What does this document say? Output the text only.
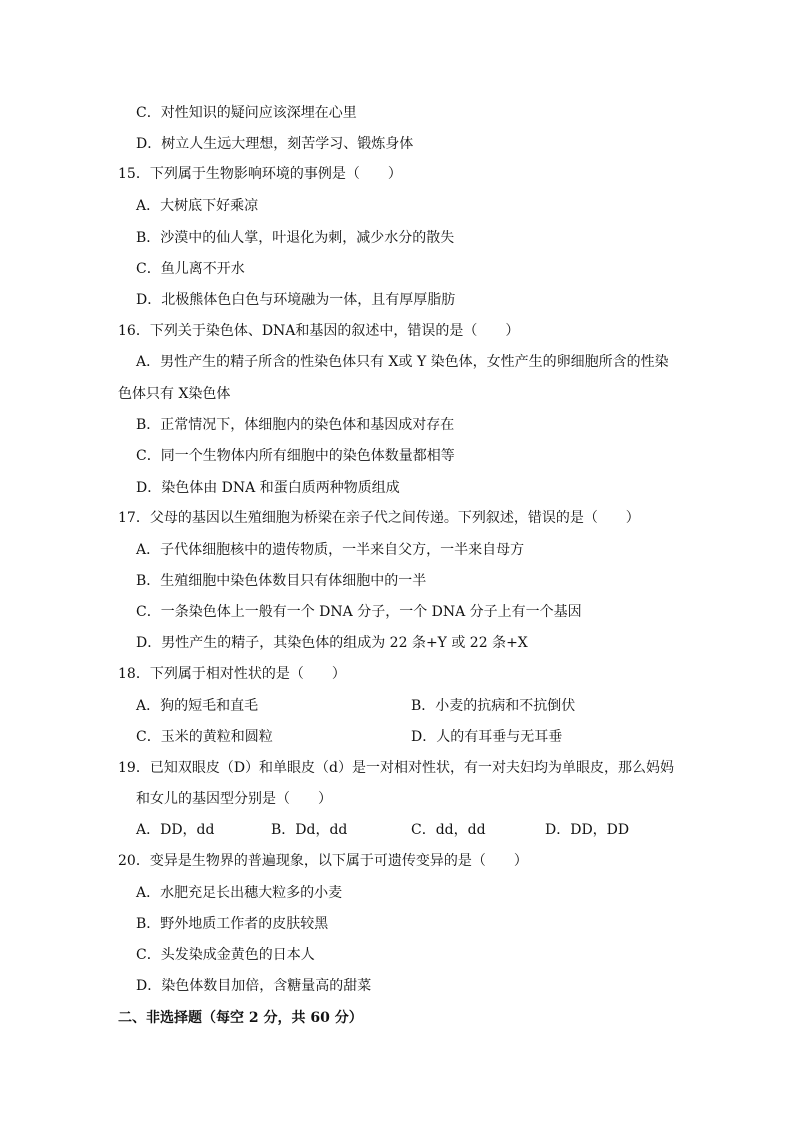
C．对性知识的疑问应该深埋在心里
D．树立人生远大理想，刻苦学习、锻炼身体
15．下列属于生物影响环境的事例是（　　）
A．大树底下好乘凉
B．沙漠中的仙人掌，叶退化为刺，减少水分的散失
C．鱼儿离不开水
D．北极熊体色白色与环境融为一体，且有厚厚脂肪
16．下列关于染色体、DNA和基因的叙述中，错误的是（　　）
A．男性产生的精子所含的性染色体只有 X或 Y 染色体，女性产生的卵细胞所含的性染
色体只有 X染色体
B．正常情况下，体细胞内的染色体和基因成对存在
C．同一个生物体内所有细胞中的染色体数量都相等
D．染色体由 DNA 和蛋白质两种物质组成
17．父母的基因以生殖细胞为桥梁在亲子代之间传递。下列叙述，错误的是（　　）
A．子代体细胞核中的遗传物质，一半来自父方，一半来自母方
B．生殖细胞中染色体数目只有体细胞中的一半
C．一条染色体上一般有一个 DNA 分子，一个 DNA 分子上有一个基因
D．男性产生的精子，其染色体的组成为 22 条+Y 或 22 条+X
18．下列属于相对性状的是（　　）
A．狗的短毛和直毛	B．小麦的抗病和不抗倒伏
C．玉米的黄粒和圆粒	D．人的有耳垂与无耳垂
19．已知双眼皮（D）和单眼皮（d）是一对相对性状，有一对夫妇均为单眼皮，那么妈妈
和女儿的基因型分别是（　　）
A．DD，dd	B．Dd，dd	C．dd，dd	D．DD，DD
20．变异是生物界的普遍现象，以下属于可遗传变异的是（　　）
A．水肥充足长出穗大粒多的小麦
B．野外地质工作者的皮肤较黑
C．头发染成金黄色的日本人
D．染色体数目加倍，含糖量高的甜菜
二、非选择题（每空 2 分，共 60 分）
